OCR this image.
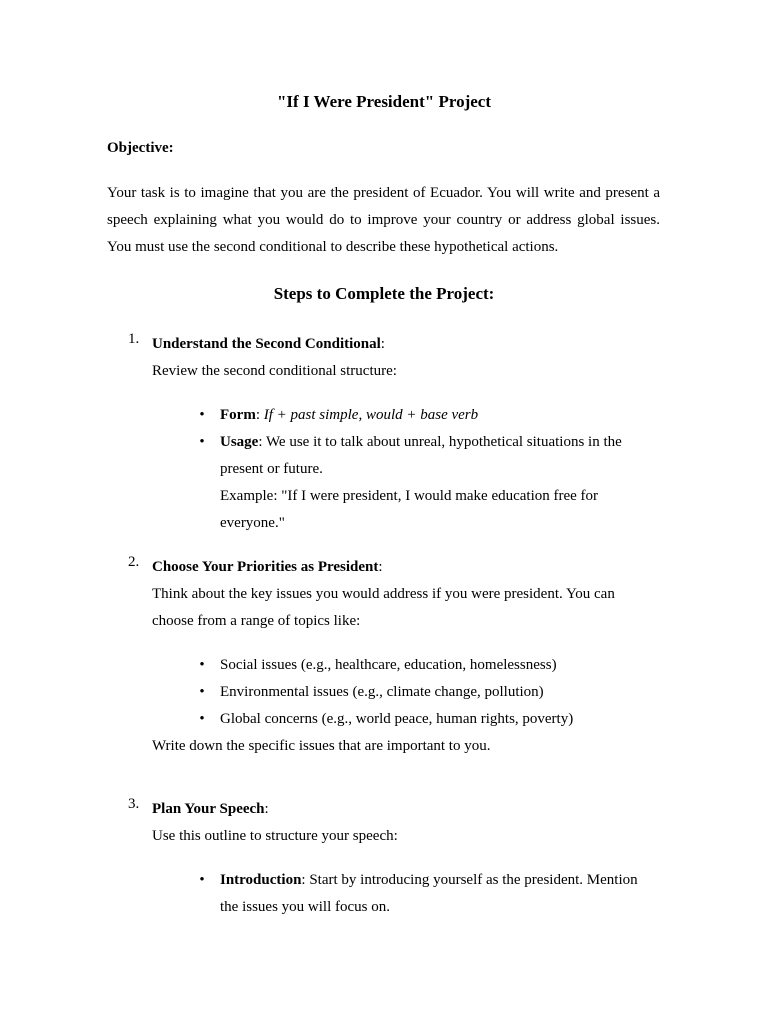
"If I Were President" Project
Objective:

Your task is to imagine that you are the president of Ecuador. You will write and present a speech explaining what you would do to improve your country or address global issues. You must use the second conditional to describe these hypothetical actions.

Steps to Complete the Project:
1. Understand the Second Conditional:

Review the second conditional structure:

• Form: If + past simple, would + base verb
• Usage: We use it to talk about unreal, hypothetical situations in the present or future.
Example: "If I were president, I would make education free for everyone."
2. Choose Your Priorities as President:

Think about the key issues you would address if you were president. You can choose from a range of topics like:

• Social issues (e.g., healthcare, education, homelessness)
• Environmental issues (e.g., climate change, pollution)
• Global concerns (e.g., world peace, human rights, poverty)

Write down the specific issues that are important to you.

3. Plan Your Speech:

Use this outline to structure your speech:

• Introduction: Start by introducing yourself as the president. Mention the issues you will focus on.
